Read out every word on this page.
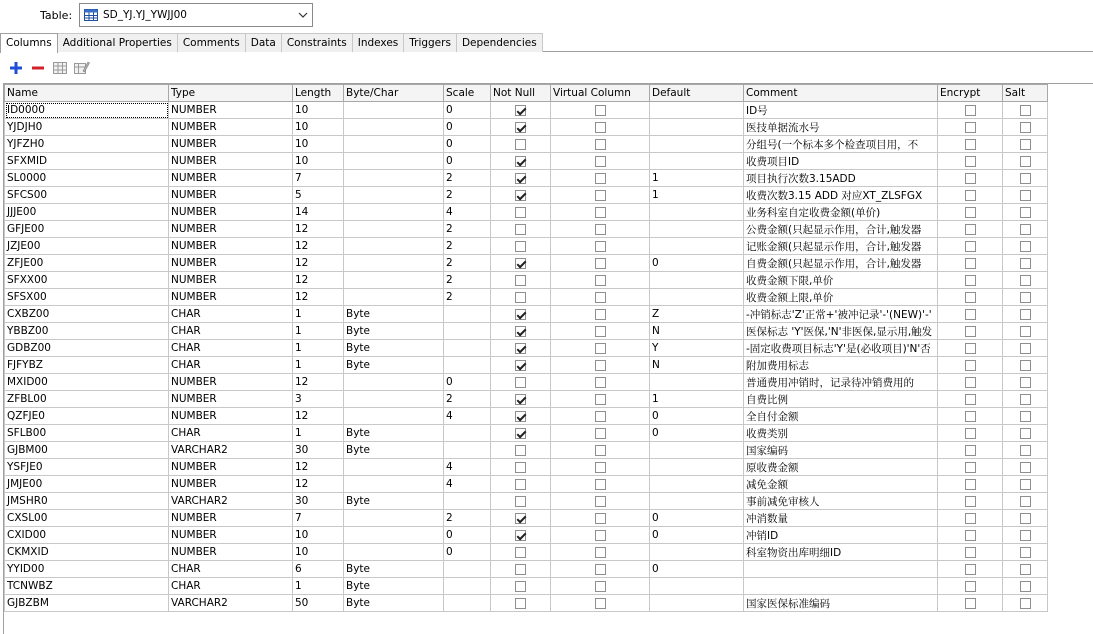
Table:	SD_YJ.YJ_YWJJ00
Columns	Additional Properties	Comments	Data	Constraints	Indexes	Triggers	Dependencies
Name	Type	Length	Byte/Char	Scale	Not Null	Virtual Column	Default	Comment	Encrypt	Salt
ID0000	NUMBER	10		0				ID号		
YJDJH0	NUMBER	10		0				医技单据流水号		
YJFZH0	NUMBER	10		0				分组号(一个标本多个检查项目用，不		
SFXMID	NUMBER	10		0				收费项目ID		
SL0000	NUMBER	7		2			1	项目执行次数3.15ADD		
SFCS00	NUMBER	5		2			1	收费次数3.15 ADD 对应XT_ZLSFGX		
JJJE00	NUMBER	14		4				业务科室自定收费金额(单价)		
GFJE00	NUMBER	12		2				公费金额(只起显示作用，合计,触发器		
JZJE00	NUMBER	12		2				记账金额(只起显示作用，合计,触发器		
ZFJE00	NUMBER	12		2			0	自费金额(只起显示作用，合计,触发器		
SFXX00	NUMBER	12		2				收费金额下限,单价		
SFSX00	NUMBER	12		2				收费金额上限,单价		
CXBZ00	CHAR	1	Byte				Z	-冲销标志'Z'正常+'被冲记录'-'(NEW)'-'		
YBBZ00	CHAR	1	Byte				N	医保标志 'Y'医保,'N'非医保,显示用,触发		
GDBZ00	CHAR	1	Byte				Y	-固定收费项目标志'Y'是(必收项目)'N'否		
FJFYBZ	CHAR	1	Byte				N	附加费用标志		
MXID00	NUMBER	12		0				普通费用冲销时，记录待冲销费用的		
ZFBL00	NUMBER	3		2			1	自费比例		
QZFJE0	NUMBER	12		4			0	全自付金额		
SFLB00	CHAR	1	Byte				0	收费类别		
GJBM00	VARCHAR2	30	Byte					国家编码		
YSFJE0	NUMBER	12		4				原收费金额		
JMJE00	NUMBER	12		4				减免金额		
JMSHR0	VARCHAR2	30	Byte					事前减免审核人		
CXSL00	NUMBER	7		2			0	冲消数量		
CXID00	NUMBER	10		0			0	冲销ID		
CKMXID	NUMBER	10		0				科室物资出库明细ID		
YYID00	CHAR	6	Byte				0			
TCNWBZ	CHAR	1	Byte							
GJBZBM	VARCHAR2	50	Byte					国家医保标准编码		
